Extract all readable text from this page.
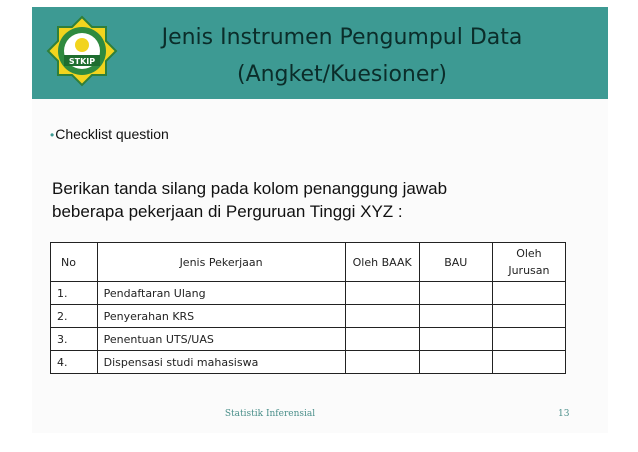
STKIP
Jenis Instrumen Pengumpul Data
(Angket/Kuesioner)
•Checklist question
Berikan tanda silang pada kolom penanggung jawab
beberapa pekerjaan di Perguruan Tinggi XYZ :
No	Jenis Pekerjaan	Oleh BAAK	BAU	Oleh Jurusan
1.	Pendaftaran Ulang			
2.	Penyerahan KRS			
3.	Penentuan UTS/UAS			
4.	Dispensasi studi mahasiswa			
Statistik Inferensial	13
